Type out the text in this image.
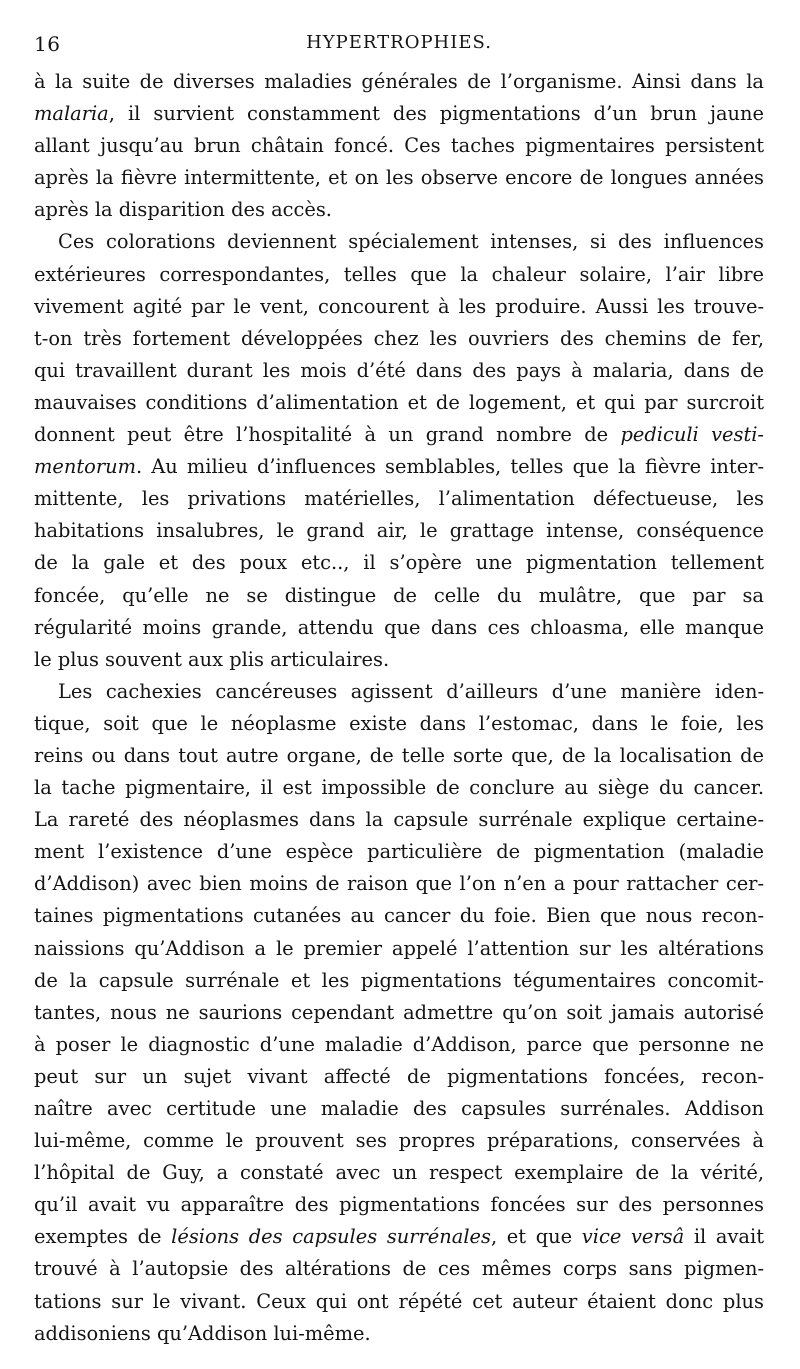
16	HYPERTROPHIES.

à la suite de diverses maladies générales de l’organisme. Ainsi dans la
malaria, il survient constamment des pigmentations d’un brun jaune
allant jusqu’au brun châtain foncé. Ces taches pigmentaires persistent
après la fièvre intermittente, et on les observe encore de longues années
après la disparition des accès.

Ces colorations deviennent spécialement intenses, si des influences
extérieures correspondantes, telles que la chaleur solaire, l’air libre
vivement agité par le vent, concourent à les produire. Aussi les trouve-
t-on très fortement développées chez les ouvriers des chemins de fer,
qui travaillent durant les mois d’été dans des pays à malaria, dans de
mauvaises conditions d’alimentation et de logement, et qui par surcroit
donnent peut être l’hospitalité à un grand nombre de pediculi vesti-
mentorum. Au milieu d’influences semblables, telles que la fièvre inter-
mittente, les privations matérielles, l’alimentation défectueuse, les
habitations insalubres, le grand air, le grattage intense, conséquence
de la gale et des poux etc.., il s’opère une pigmentation tellement
foncée, qu’elle ne se distingue de celle du mulâtre, que par sa
régularité moins grande, attendu que dans ces chloasma, elle manque
le plus souvent aux plis articulaires.

Les cachexies cancéreuses agissent d’ailleurs d’une manière iden-
tique, soit que le néoplasme existe dans l’estomac, dans le foie, les
reins ou dans tout autre organe, de telle sorte que, de la localisation de
la tache pigmentaire, il est impossible de conclure au siège du cancer.
La rareté des néoplasmes dans la capsule surrénale explique certaine-
ment l’existence d’une espèce particulière de pigmentation (maladie
d’Addison) avec bien moins de raison que l’on n’en a pour rattacher cer-
taines pigmentations cutanées au cancer du foie. Bien que nous recon-
naissions qu’Addison a le premier appelé l’attention sur les altérations
de la capsule surrénale et les pigmentations tégumentaires concomit-
tantes, nous ne saurions cependant admettre qu’on soit jamais autorisé
à poser le diagnostic d’une maladie d’Addison, parce que personne ne
peut sur un sujet vivant affecté de pigmentations foncées, recon-
naître avec certitude une maladie des capsules surrénales. Addison
lui-même, comme le prouvent ses propres préparations, conservées à
l’hôpital de Guy, a constaté avec un respect exemplaire de la vérité,
qu’il avait vu apparaître des pigmentations foncées sur des personnes
exemptes de lésions des capsules surrénales, et que vice versâ il avait
trouvé à l’autopsie des altérations de ces mêmes corps sans pigmen-
tations sur le vivant. Ceux qui ont répété cet auteur étaient donc plus
addisoniens qu’Addison lui-même.
